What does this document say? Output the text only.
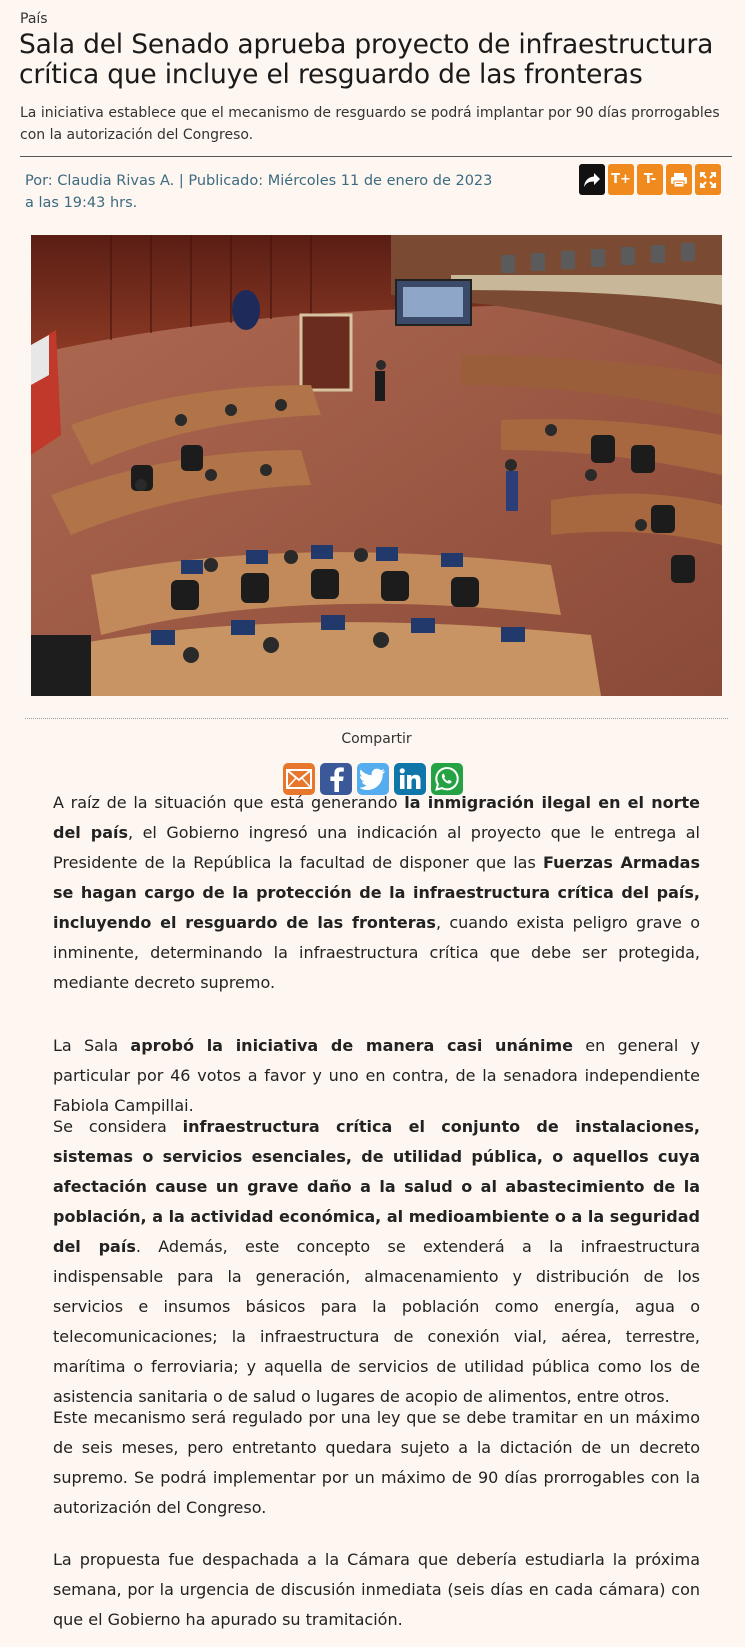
País
Sala del Senado aprueba proyecto de infraestructura crítica que incluye el resguardo de las fronteras

La iniciativa establece que el mecanismo de resguardo se podrá implantar por 90 días prorrogables con la autorización del Congreso.

Por: Claudia Rivas A. | Publicado: Miércoles 11 de enero de 2023 a las 19:43 hrs.
T+ T-
Compartir

A raíz de la situación que está generando la inmigración ilegal en el norte del país, el Gobierno ingresó una indicación al proyecto que le entrega al Presidente de la República la facultad de disponer que las Fuerzas Armadas se hagan cargo de la protección de la infraestructura crítica del país, incluyendo el resguardo de las fronteras, cuando exista peligro grave o inminente, determinando la infraestructura crítica que debe ser protegida, mediante decreto supremo.

La Sala aprobó la iniciativa de manera casi unánime en general y particular por 46 votos a favor y uno en contra, de la senadora independiente Fabiola Campillai.

Se considera infraestructura crítica el conjunto de instalaciones, sistemas o servicios esenciales, de utilidad pública, o aquellos cuya afectación cause un grave daño a la salud o al abastecimiento de la población, a la actividad económica, al medioambiente o a la seguridad del país. Además, este concepto se extenderá a la infraestructura indispensable para la generación, almacenamiento y distribución de los servicios e insumos básicos para la población como energía, agua o telecomunicaciones; la infraestructura de conexión vial, aérea, terrestre, marítima o ferroviaria; y aquella de servicios de utilidad pública como los de asistencia sanitaria o de salud o lugares de acopio de alimentos, entre otros.

Este mecanismo será regulado por una ley que se debe tramitar en un máximo de seis meses, pero entretanto quedara sujeto a la dictación de un decreto supremo. Se podrá implementar por un máximo de 90 días prorrogables con la autorización del Congreso.

La propuesta fue despachada a la Cámara que debería estudiarla la próxima semana, por la urgencia de discusión inmediata (seis días en cada cámara) con que el Gobierno ha apurado su tramitación.
